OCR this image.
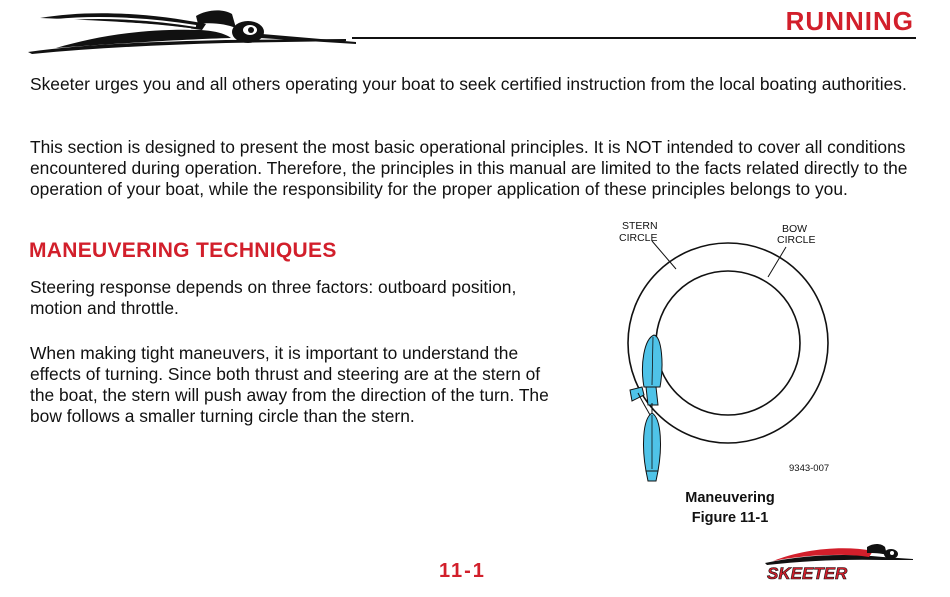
RUNNING

Skeeter urges you and all others operating your boat to seek certified instruction from the local boating authorities.

This section is designed to present the most basic operational principles. It is NOT intended to cover all conditions encountered during operation. Therefore, the principles in this manual are limited to the facts related directly to the operation of your boat, while the responsibility for the proper application of these principles belongs to you.

MANEUVERING TECHNIQUES

Steering response depends on three factors: outboard position, motion and throttle.

When making tight maneuvers, it is important to understand the effects of turning. Since both thrust and steering are at the stern of the boat, the stern will push away from the direction of the turn. The bow follows a smaller turning circle than the stern.

STERN
CIRCLE
BOW
CIRCLE
9343-007
Maneuvering
Figure 11-1
11-1	SKEETER
